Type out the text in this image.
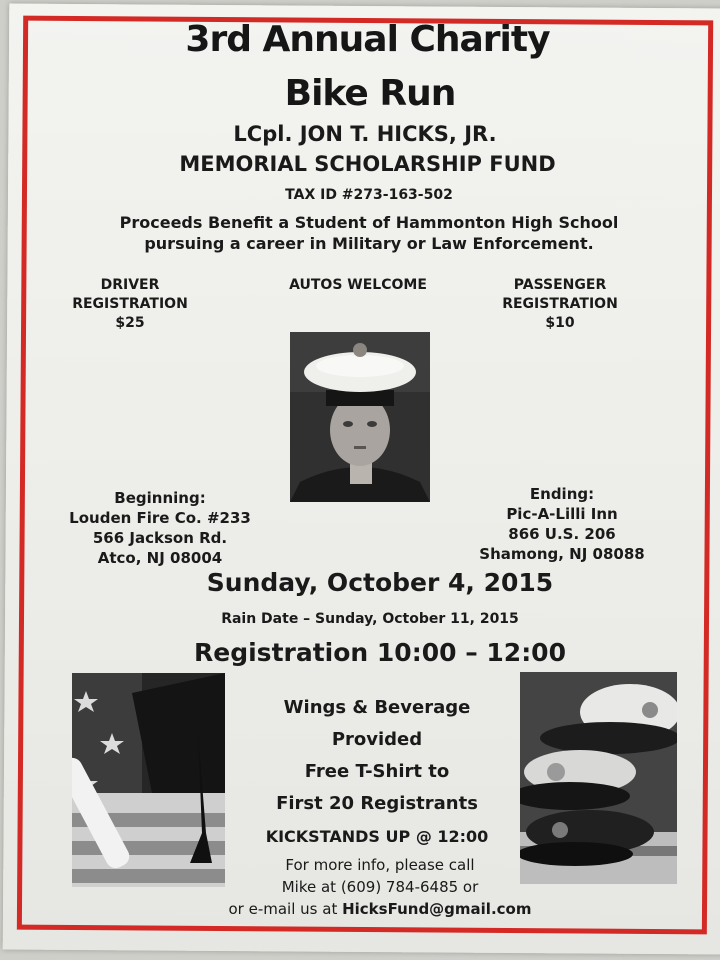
3rd Annual Charity
Bike Run
LCpl. JON T. HICKS, JR.
MEMORIAL SCHOLARSHIP FUND
TAX ID #273-163-502
Proceeds Benefit a Student of Hammonton High School
pursuing a career in Military or Law Enforcement.
DRIVER
REGISTRATION
$25
AUTOS WELCOME	PASSENGER
REGISTRATION
$10
Beginning:
Louden Fire Co. #233
566 Jackson Rd.
Atco, NJ 08004
Ending:
Pic-A-Lilli Inn
866 U.S. 206
Shamong, NJ 08088
Sunday, October 4, 2015
Rain Date – Sunday, October 11, 2015
Registration 10:00 – 12:00
Wings & Beverage
Provided
Free T-Shirt to
First 20 Registrants
KICKSTANDS UP @ 12:00
For more info, please call
Mike at (609) 784-6485 or
or e-mail us at HicksFund@gmail.com
